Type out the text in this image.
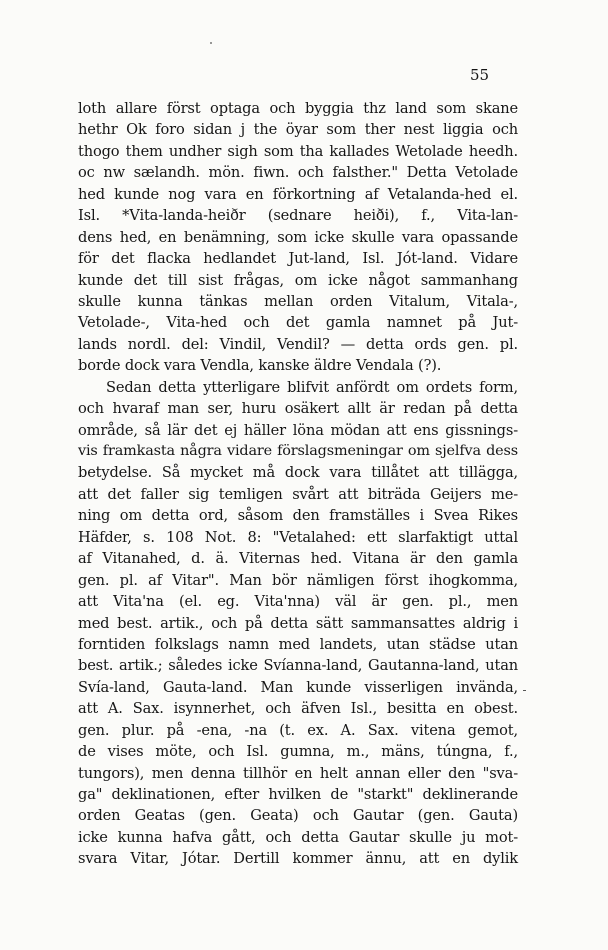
55
loth allare först optaga och byggia thz land som skane
hethr Ok foro sidan j the öyar som ther nest liggia och
thogo them undher sigh som tha kallades Wetolade heedh.
oc nw sælandh. mön. fiwn. och falsther." Detta Vetolade
hed kunde nog vara en förkortning af Vetalanda-hed el.
Isl. *Vita-landa-heiðr (sednare heiði), f., Vita-lan-
dens hed, en benämning, som icke skulle vara opassande
för det flacka hedlandet Jut-land, Isl. Jót-land. Vidare
kunde det till sist frågas, om icke något sammanhang
skulle kunna tänkas mellan orden Vitalum, Vitala-,
Vetolade-, Vita-hed och det gamla namnet på Jut-
lands nordl. del: Vindil, Vendil? — detta ords gen. pl.
borde dock vara Vendla, kanske äldre Vendala (?).
Sedan detta ytterligare blifvit anfördt om ordets form,
och hvaraf man ser, huru osäkert allt är redan på detta
område, så lär det ej häller löna mödan att ens gissnings-
vis framkasta några vidare förslagsmeningar om sjelfva dess
betydelse. Så mycket må dock vara tillåtet att tillägga,
att det faller sig temligen svårt att biträda Geijers me-
ning om detta ord, såsom den framställes i Svea Rikes
Häfder, s. 108 Not. 8: "Vetalahed: ett slarfaktigt uttal
af Vitanahed, d. ä. Viternas hed. Vitana är den gamla
gen. pl. af Vitar". Man bör nämligen först ihogkomma,
att Vita'na (el. eg. Vita'nna) väl är gen. pl., men
med best. artik., och på detta sätt sammansattes aldrig i
forntiden folkslags namn med landets, utan städse utan
best. artik.; således icke Svíanna-land, Gautanna-land, utan
Svía-land, Gauta-land. Man kunde visserligen invända,
att A. Sax. isynnerhet, och äfven Isl., besitta en obest.
gen. plur. på -ena, -na (t. ex. A. Sax. vitena gemot,
de vises möte, och Isl. gumna, m., mäns, túngna, f.,
tungors), men denna tillhör en helt annan eller den "sva-
ga" deklinationen, efter hvilken de "starkt" deklinerande
orden Geatas (gen. Geata) och Gautar (gen. Gauta)
icke kunna hafva gått, och detta Gautar skulle ju mot-
svara Vitar, Jótar. Dertill kommer ännu, att en dylik
